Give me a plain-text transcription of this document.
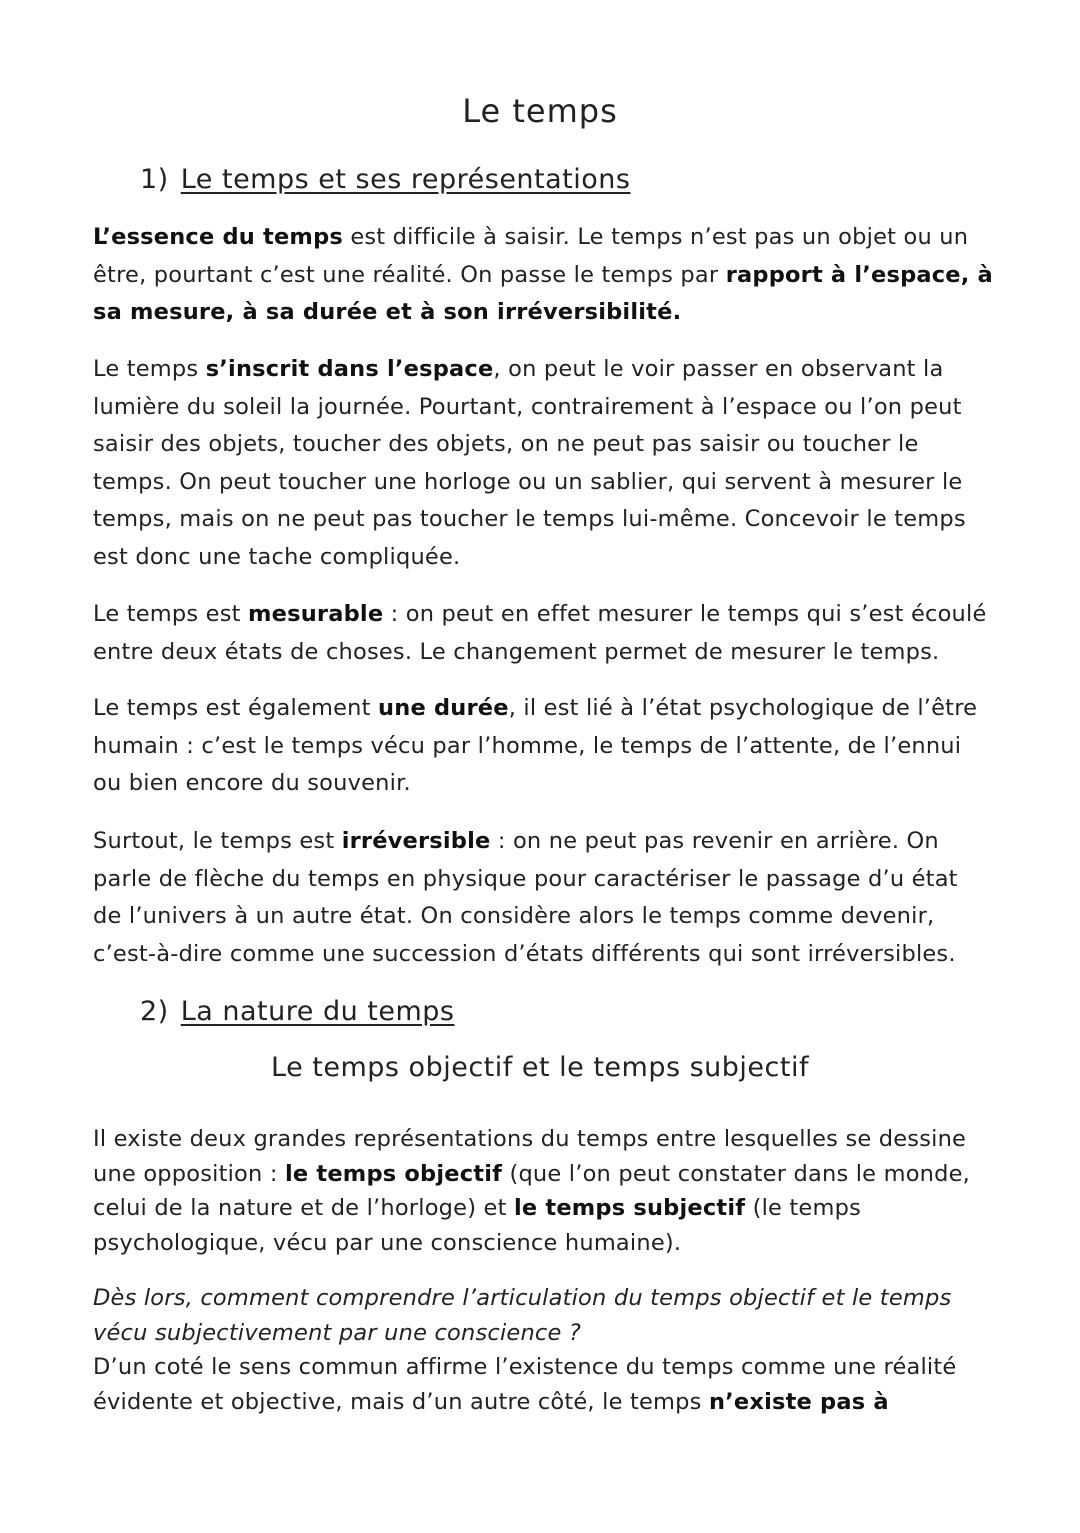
Le temps
1) Le temps et ses représentations

L’essence du temps est difficile à saisir. Le temps n’est pas un objet ou un être, pourtant c’est une réalité. On passe le temps par rapport à l’espace, à sa mesure, à sa durée et à son irréversibilité.

Le temps s’inscrit dans l’espace, on peut le voir passer en observant la lumière du soleil la journée. Pourtant, contrairement à l’espace ou l’on peut saisir des objets, toucher des objets, on ne peut pas saisir ou toucher le temps. On peut toucher une horloge ou un sablier, qui servent à mesurer le temps, mais on ne peut pas toucher le temps lui-même. Concevoir le temps est donc une tache compliquée.

Le temps est mesurable : on peut en effet mesurer le temps qui s’est écoulé entre deux états de choses. Le changement permet de mesurer le temps.

Le temps est également une durée, il est lié à l’état psychologique de l’être humain : c’est le temps vécu par l’homme, le temps de l’attente, de l’ennui ou bien encore du souvenir.

Surtout, le temps est irréversible : on ne peut pas revenir en arrière. On parle de flèche du temps en physique pour caractériser le passage d’u état de l’univers à un autre état. On considère alors le temps comme devenir, c’est-à-dire comme une succession d’états différents qui sont irréversibles.

2) La nature du temps
Le temps objectif et le temps subjectif

Il existe deux grandes représentations du temps entre lesquelles se dessine une opposition : le temps objectif (que l’on peut constater dans le monde, celui de la nature et de l’horloge) et le temps subjectif (le temps psychologique, vécu par une conscience humaine).

Dès lors, comment comprendre l’articulation du temps objectif et le temps vécu subjectivement par une conscience ?
D’un coté le sens commun affirme l’existence du temps comme une réalité évidente et objective, mais d’un autre côté, le temps n’existe pas à
